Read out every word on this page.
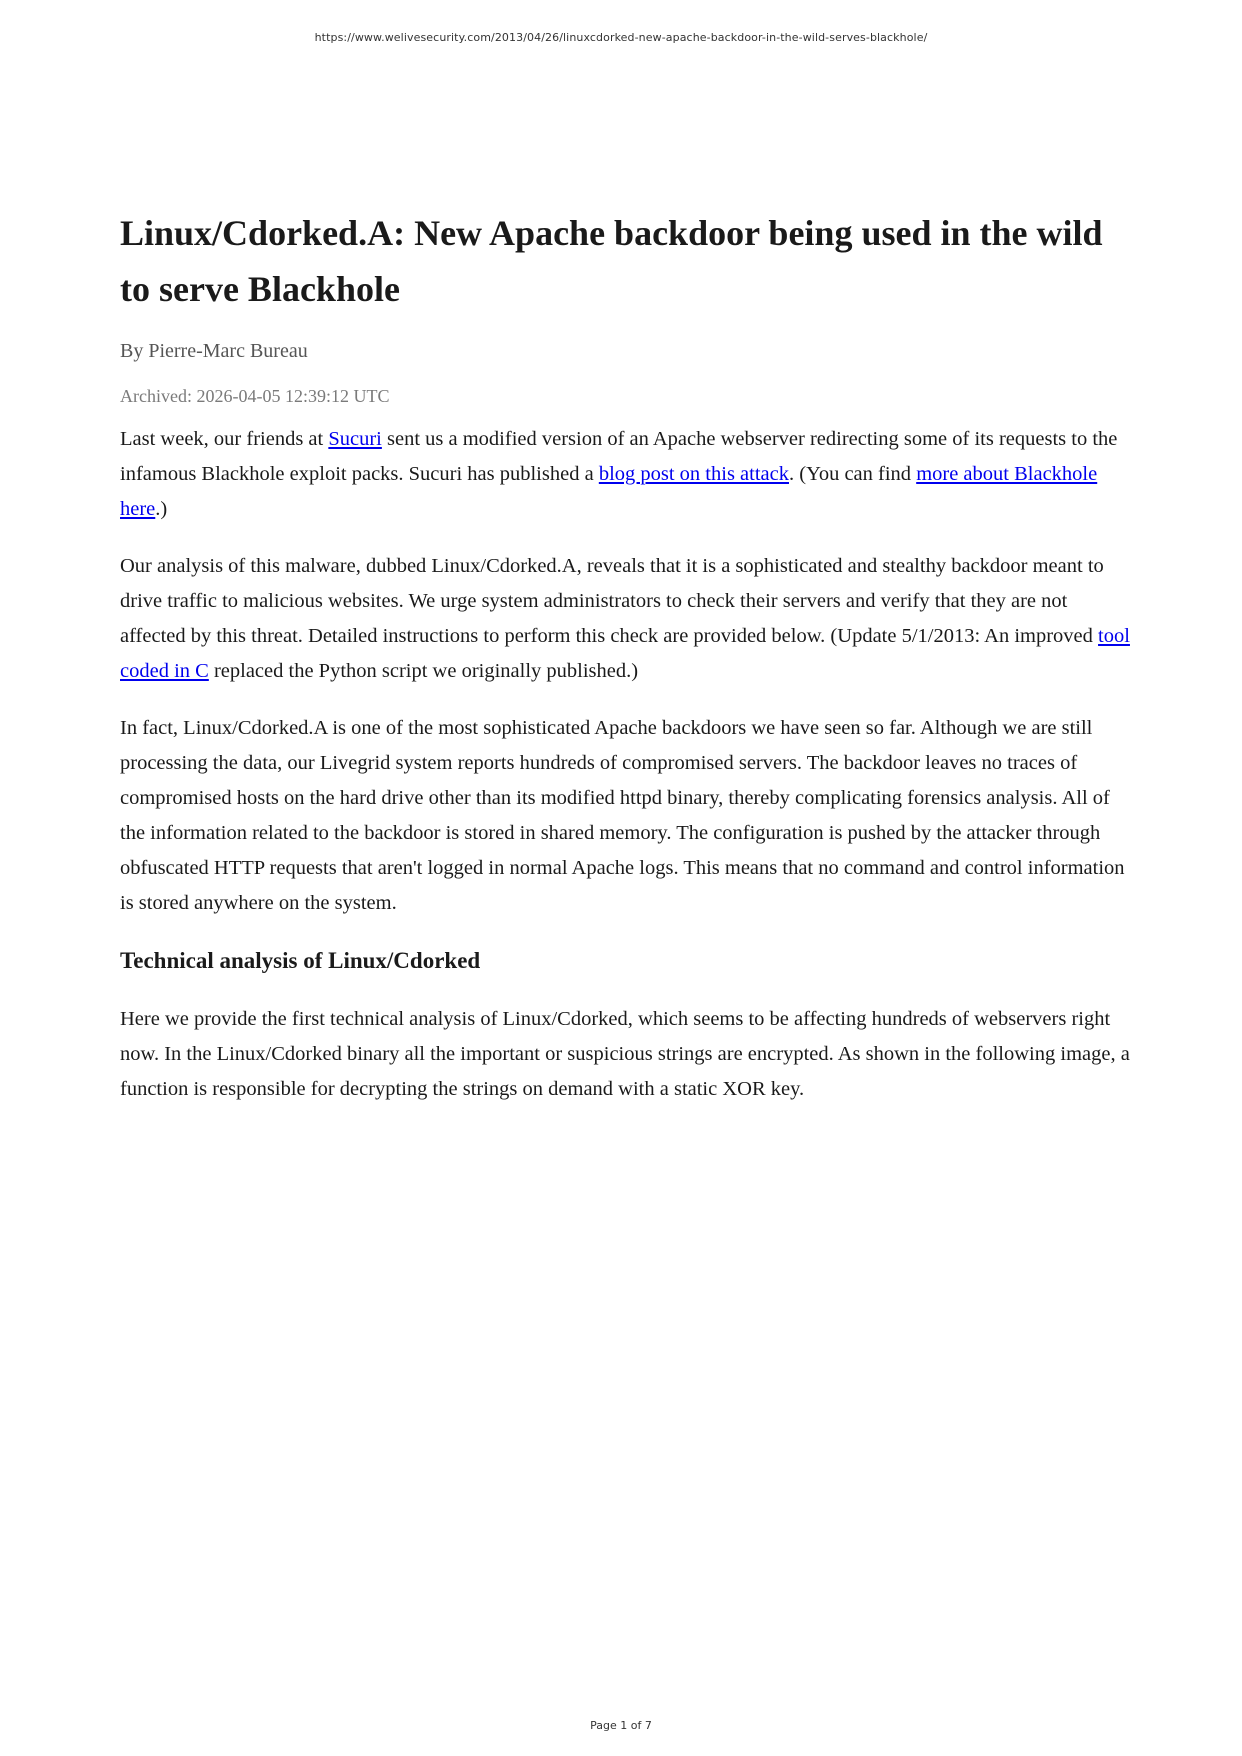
https://www.welivesecurity.com/2013/04/26/linuxcdorked-new-apache-backdoor-in-the-wild-serves-blackhole/
Linux/Cdorked.A: New Apache backdoor being used in the wild to serve Blackhole
By Pierre-Marc Bureau
Archived: 2026-04-05 12:39:12 UTC

Last week, our friends at Sucuri sent us a modified version of an Apache webserver redirecting some of its requests to the infamous Blackhole exploit packs. Sucuri has published a blog post on this attack. (You can find more about Blackhole here.)

Our analysis of this malware, dubbed Linux/Cdorked.A, reveals that it is a sophisticated and stealthy backdoor meant to drive traffic to malicious websites. We urge system administrators to check their servers and verify that they are not affected by this threat. Detailed instructions to perform this check are provided below. (Update 5/1/2013: An improved tool coded in C replaced the Python script we originally published.)

In fact, Linux/Cdorked.A is one of the most sophisticated Apache backdoors we have seen so far. Although we are still processing the data, our Livegrid system reports hundreds of compromised servers. The backdoor leaves no traces of compromised hosts on the hard drive other than its modified httpd binary, thereby complicating forensics analysis. All of the information related to the backdoor is stored in shared memory. The configuration is pushed by the attacker through obfuscated HTTP requests that aren't logged in normal Apache logs. This means that no command and control information is stored anywhere on the system.

Technical analysis of Linux/Cdorked

Here we provide the first technical analysis of Linux/Cdorked, which seems to be affecting hundreds of webservers right now. In the Linux/Cdorked binary all the important or suspicious strings are encrypted. As shown in the following image, a function is responsible for decrypting the strings on demand with a static XOR key.

Page 1 of 7
